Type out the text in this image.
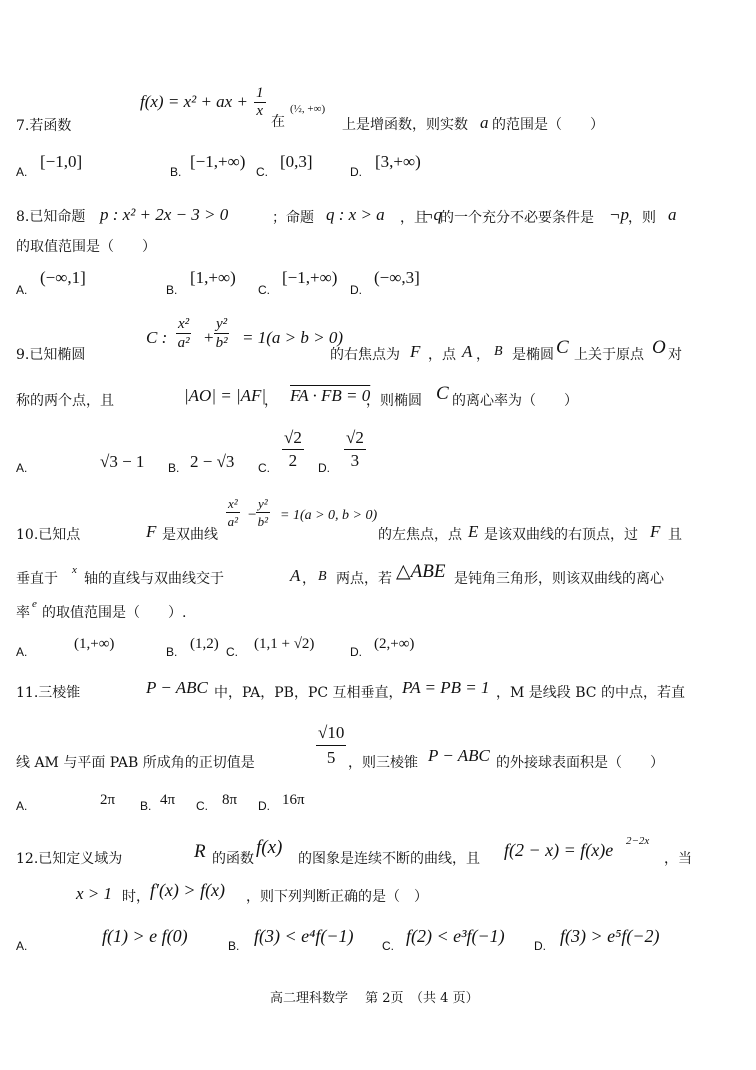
f(x) = x² + ax + $\frac{1}{x}$
7.若函数	在
(½, +∞)
上是增函数，则实数 a 的范围是（　　）
A.
[−1,0]
B.
[−1,+∞)
C.
[0,3]
D.
[3,+∞)
8.已知命题 p : x² + 2x − 3 > 0	；命题 q : x > a ，且
¬q
的一个充分不必要条件是 ¬p ，则 a
的取值范围是（　　）
A.
(−∞,1]
B.
[1,+∞)
C.
[−1,+∞)
D.
(−∞,3]
9.已知椭圆
C : $\frac{\text{x²}}{\text{a²}} + \frac{\text{y²}}{\text{b²}} = 1(a > b > 0)$
的右焦点为 F ，点 A ， B 是椭圆 C 上关于原点 O 对
称的两个点，且	|AO| = |AF|
， FA · FB = 0
，则椭圆 C 的离心率为（　　）
A.	√3 − 1 B. 2 − √3 C. $\frac{√2}{2} D$. $\frac{√2}{3}$
$\frac{\text{x²}}{\text{a²}} - \frac{\text{y²}}{\text{b²}} = 1(a > 0$, b > 0)
10.已知点	F 是双曲线	的左焦点，点 E 是该双曲线的右顶点，过 F 且
垂直于
x
轴的直线与双曲线交于	A ， B 两点，若 △ABE 是钝角三角形，则该双曲线的离心
率
e
的取值范围是（　　）.
A.	(1,+∞)	B. (1,2) C. (1,1 + √2)	D. (2,+∞)
11.三棱锥	P − ABC 中，PA，PB，PC 互相垂直， PA = PB = 1 ，M 是线段 BC 的中点，若直
$\frac{√10}{5}$
线 AM 与平面 PAB 所成角的正切值是	，则三棱锥 P − ABC 的外接球表面积是（　　）
A.	2π B. 4π C. 8π D. 16π
12.已知定义域为	R 的函数
f(x)
的图象是连续不断的曲线，且 f(2 − x) = f(x)e 2−2x
，当
x > 1 时， f′(x) > f(x) ，则下列判断正确的是（　）
A.	f(1) > e f(0)	B. f(3) < e⁴f(−1) C. f(2) < e³f(−1) D. f(3) > e⁵f(−2)
高二理科数学　 第 2页　（共 4 页）
